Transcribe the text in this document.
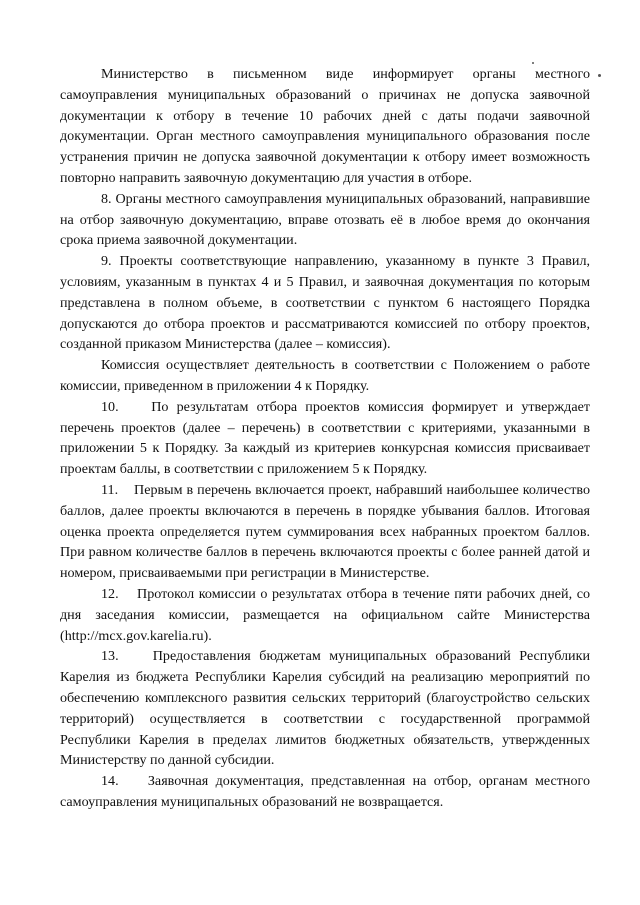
Министерство в письменном виде информирует органы местного самоуправления муниципальных образований о причинах не допуска заявочной документации к отбору в течение 10 рабочих дней с даты подачи заявочной документации. Орган местного самоуправления муниципального образования после устранения причин не допуска заявочной документации к отбору имеет возможность повторно направить заявочную документацию для участия в отборе.

8. Органы местного самоуправления муниципальных образований, направившие на отбор заявочную документацию, вправе отозвать её в любое время до окончания срока приема заявочной документации.

9. Проекты соответствующие направлению, указанному в пункте 3 Правил, условиям, указанным в пунктах 4 и 5 Правил, и заявочная документация по которым представлена в полном объеме, в соответствии с пунктом 6 настоящего Порядка допускаются до отбора проектов и рассматриваются комиссией по отбору проектов, созданной приказом Министерства (далее – комиссия).

Комиссия осуществляет деятельность в соответствии с Положением о работе комиссии, приведенном в приложении 4 к Порядку.

10. По результатам отбора проектов комиссия формирует и утверждает перечень проектов (далее – перечень) в соответствии с критериями, указанными в приложении 5 к Порядку. За каждый из критериев конкурсная комиссия присваивает проектам баллы, в соответствии с приложением 5 к Порядку.

11. Первым в перечень включается проект, набравший наибольшее количество баллов, далее проекты включаются в перечень в порядке убывания баллов. Итоговая оценка проекта определяется путем суммирования всех набранных проектом баллов. При равном количестве баллов в перечень включаются проекты с более ранней датой и номером, присваиваемыми при регистрации в Министерстве.

12. Протокол комиссии о результатах отбора в течение пяти рабочих дней, со дня заседания комиссии, размещается на официальном сайте Министерства (http://mcx.gov.karelia.ru).

13. Предоставления бюджетам муниципальных образований Республики Карелия из бюджета Республики Карелия субсидий на реализацию мероприятий по обеспечению комплексного развития сельских территорий (благоустройство сельских территорий) осуществляется в соответствии с государственной программой Республики Карелия в пределах лимитов бюджетных обязательств, утвержденных Министерству по данной субсидии.

14. Заявочная документация, представленная на отбор, органам местного самоуправления муниципальных образований не возвращается.
